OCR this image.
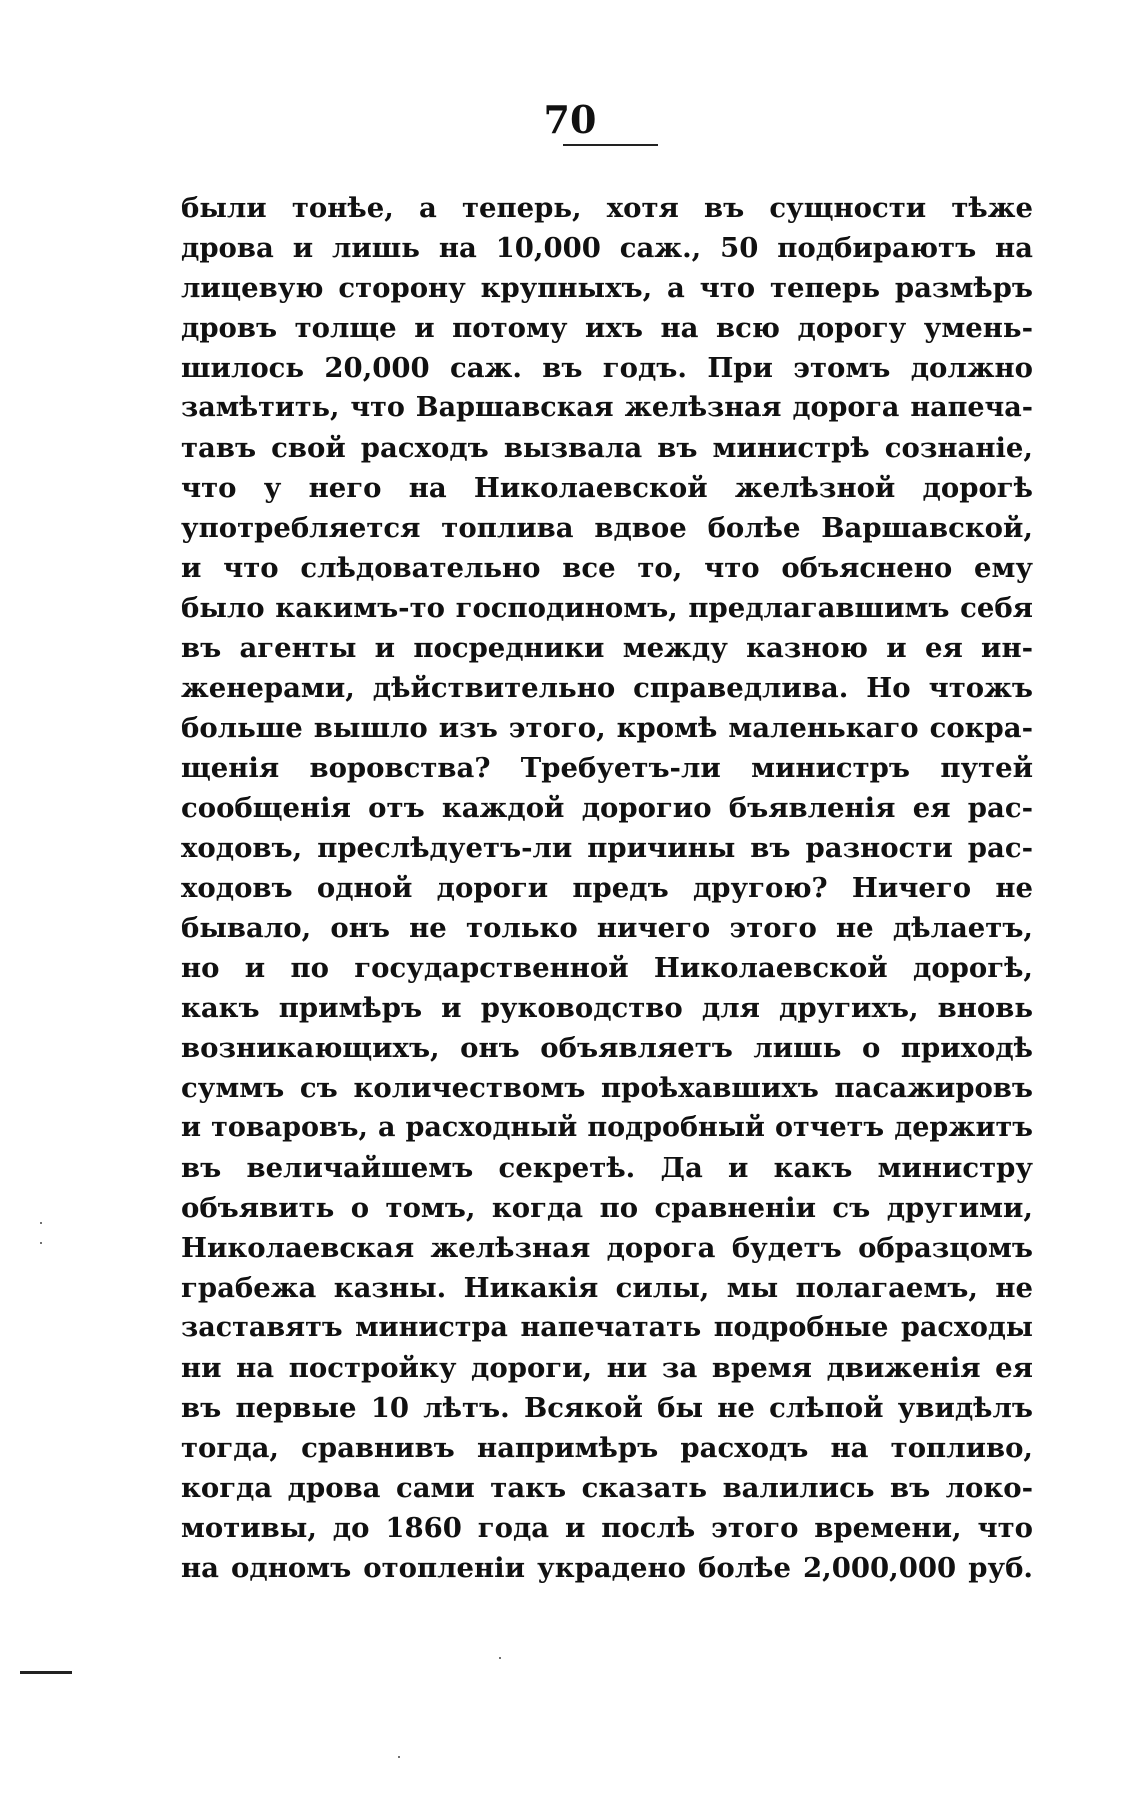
70
были тонѣе, а теперь, хотя въ сущности тѣже
дрова и лишь на 10,000 саж., 50 подбираютъ на
лицевую сторону крупныхъ, а что теперь размѣръ
дровъ толще и потому ихъ на всю дорогу умень-
шилось 20,000 саж. въ годъ. При этомъ должно
замѣтить, что Варшавская желѣзная дорога напеча-
тавъ свой расходъ вызвала въ министрѣ сознаніе,
что у него на Николаевской желѣзной дорогѣ
употребляется топлива вдвое болѣе Варшавской,
и что слѣдовательно все то, что объяснено ему
было какимъ-то господиномъ, предлагавшимъ себя
въ агенты и посредники между казною и ея ин-
женерами, дѣйствительно справедлива. Но чтожъ
больше вышло изъ этого, кромѣ маленькаго сокра-
щенія воровства? Требуетъ-ли министръ путей
сообщенія отъ каждой дорогио бъявленія ея рас-
ходовъ, преслѣдуетъ-ли причины въ разности рас-
ходовъ одной дороги предъ другою? Ничего не
бывало, онъ не только ничего этого не дѣлаетъ,
но и по государственной Николаевской дорогѣ,
какъ примѣръ и руководство для другихъ, вновь
возникающихъ, онъ объявляетъ лишь о приходѣ
суммъ съ количествомъ проѣхавшихъ пасажировъ
и товаровъ, а расходный подробный отчетъ держитъ
въ величайшемъ секретѣ. Да и какъ министру
объявить о томъ, когда по сравненіи съ другими,
Николаевская желѣзная дорога будетъ образцомъ
грабежа казны. Никакія силы, мы полагаемъ, не
заставятъ министра напечатать подробные расходы
ни на постройку дороги, ни за время движенія ея
въ первые 10 лѣтъ. Всякой бы не слѣпой увидѣлъ
тогда, сравнивъ напримѣръ расходъ на топливо,
когда дрова сами такъ сказать валились въ локо-
мотивы, до 1860 года и послѣ этого времени, что
на одномъ отопленіи украдено болѣе 2,000,000 руб.
